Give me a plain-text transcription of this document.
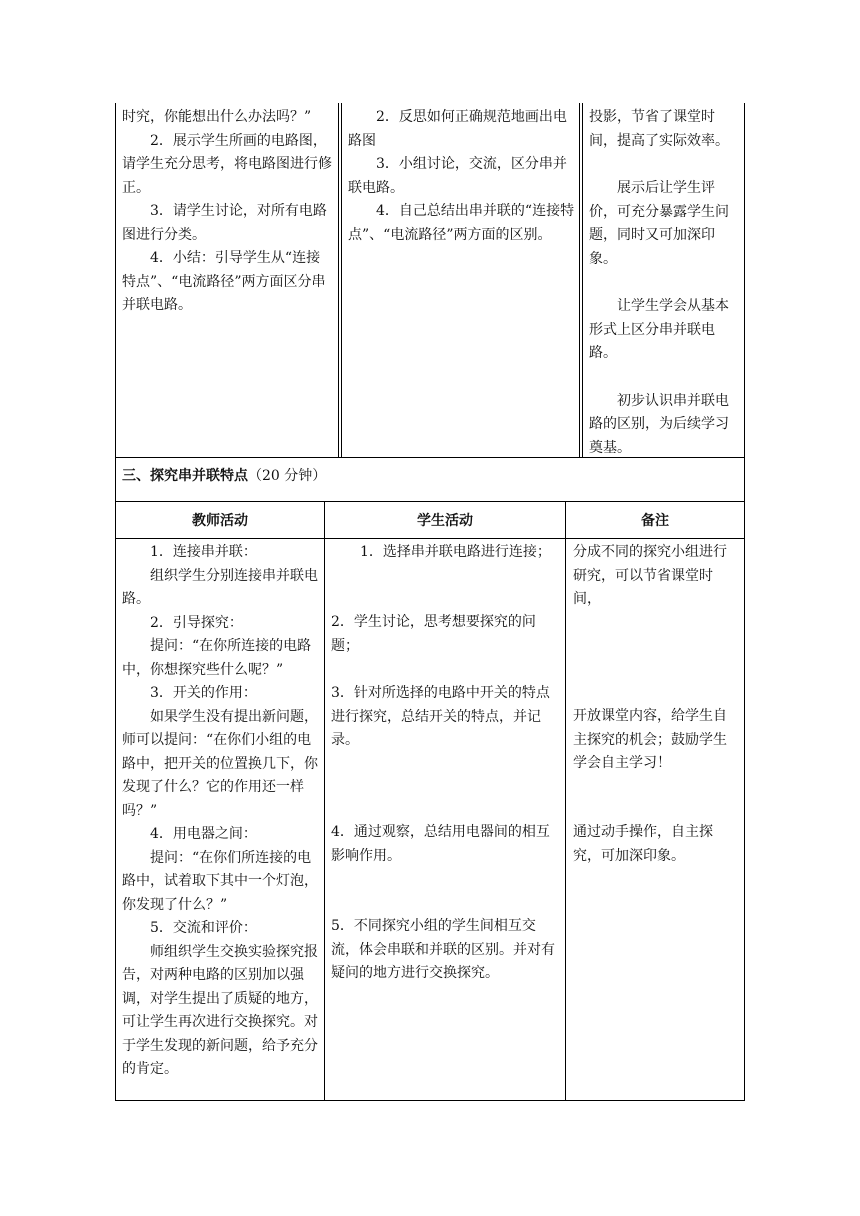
时究，你能想出什么办法吗？”

2．展示学生所画的电路图，请学生充分思考，将电路图进行修正。

3．请学生讨论，对所有电路图进行分类。

4．小结：引导学生从“连接特点”、“电流路径”两方面区分串并联电路。

2．反思如何正确规范地画出电路图

3．小组讨论，交流，区分串并联电路。

4．自己总结出串并联的“连接特点”、“电流路径”两方面的区别。

投影，节省了课堂时间，提高了实际效率。

展示后让学生评价，可充分暴露学生问题，同时又可加深印象。

让学生学会从基本形式上区分串并联电路。

初步认识串并联电路的区别，为后续学习奠基。

三、探究串并联特点（20 分钟）
教师活动	学生活动	备注

1．连接串并联：

组织学生分别连接串并联电路。

2．引导探究：

提问：“在你所连接的电路中，你想探究些什么呢？”

3．开关的作用：

如果学生没有提出新问题，师可以提问：“在你们小组的电路中，把开关的位置换几下，你发现了什么？它的作用还一样吗？”

4．用电器之间：

提问：“在你们所连接的电路中，试着取下其中一个灯泡，你发现了什么？”

5．交流和评价：

师组织学生交换实验探究报告，对两种电路的区别加以强调，对学生提出了质疑的地方，可让学生再次进行交换探究。对于学生发现的新问题，给予充分的肯定。

1．选择串并联电路进行连接；
2．学生讨论，思考想要探究的问题；
3．针对所选择的电路中开关的特点进行探究，总结开关的特点，并记录。
4．通过观察，总结用电器间的相互影响作用。
5．不同探究小组的学生间相互交流，体会串联和并联的区别。并对有疑问的地方进行交换探究。
分成不同的探究小组进行研究，可以节省课堂时间，
开放课堂内容，给学生自主探究的机会；鼓励学生学会自主学习！
通过动手操作，自主探究，可加深印象。
